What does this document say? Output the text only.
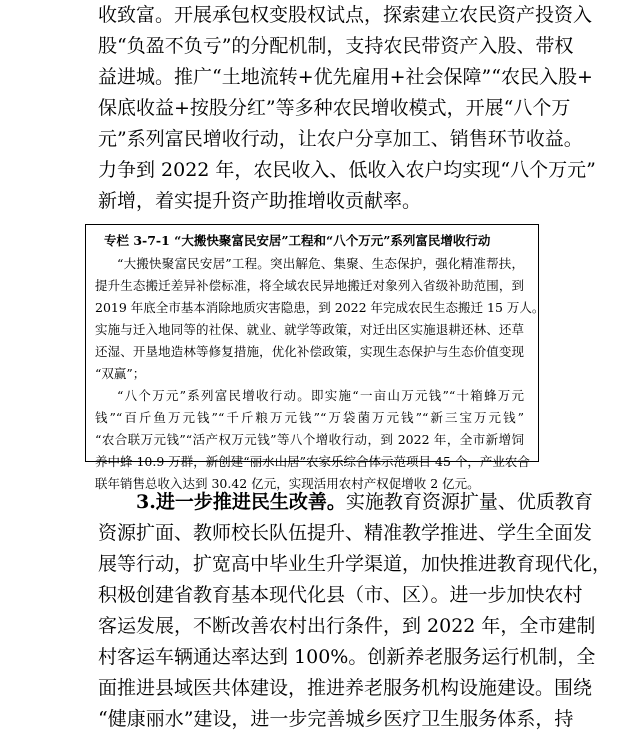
收致富。开展承包权变股权试点，探索建立农民资产投资入
股“负盈不负亏”的分配机制，支持农民带资产入股、带权
益进城。推广“土地流转+优先雇用+社会保障”“农民入股+
保底收益+按股分红”等多种农民增收模式，开展“八个万
元”系列富民增收行动，让农户分享加工、销售环节收益。
力争到 2022 年，农民收入、低收入农户均实现“八个万元”
新增，着实提升资产助推增收贡献率。
专栏 3-7-1 “大搬快聚富民安居”工程和“八个万元”系列富民增收行动
“大搬快聚富民安居”工程。突出解危、集聚、生态保护，强化精准帮扶，
提升生态搬迁差异补偿标准，将全域农民异地搬迁对象列入省级补助范围，到
2019 年底全市基本消除地质灾害隐患，到 2022 年完成农民生态搬迁 15 万人。
实施与迁入地同等的社保、就业、就学等政策，对迁出区实施退耕还林、还草
还湿、开垦地造林等修复措施，优化补偿政策，实现生态保护与生态价值变现
“双赢”；
“八个万元”系列富民增收行动。即实施“一亩山万元钱”“十箱蜂万元
钱”“百斤鱼万元钱”“千斤粮万元钱”“万袋菌万元钱”“新三宝万元钱”
“农合联万元钱”“活产权万元钱”等八个增收行动，到 2022 年，全市新增饲
养中蜂 10.9 万群，新创建“丽水山居”农家乐综合体示范项目 45 个，产业农合
联年销售总收入达到 30.42 亿元，实现活用农村产权促增收 2 亿元。
3.进一步推进民生改善。实施教育资源扩量、优质教育
资源扩面、教师校长队伍提升、精准教学推进、学生全面发
展等行动，扩宽高中毕业生升学渠道，加快推进教育现代化，
积极创建省教育基本现代化县（市、区）。进一步加快农村
客运发展，不断改善农村出行条件，到 2022 年，全市建制
村客运车辆通达率达到 100%。创新养老服务运行机制，全
面推进县域医共体建设，推进养老服务机构设施建设。围绕
“健康丽水”建设，进一步完善城乡医疗卫生服务体系，持
